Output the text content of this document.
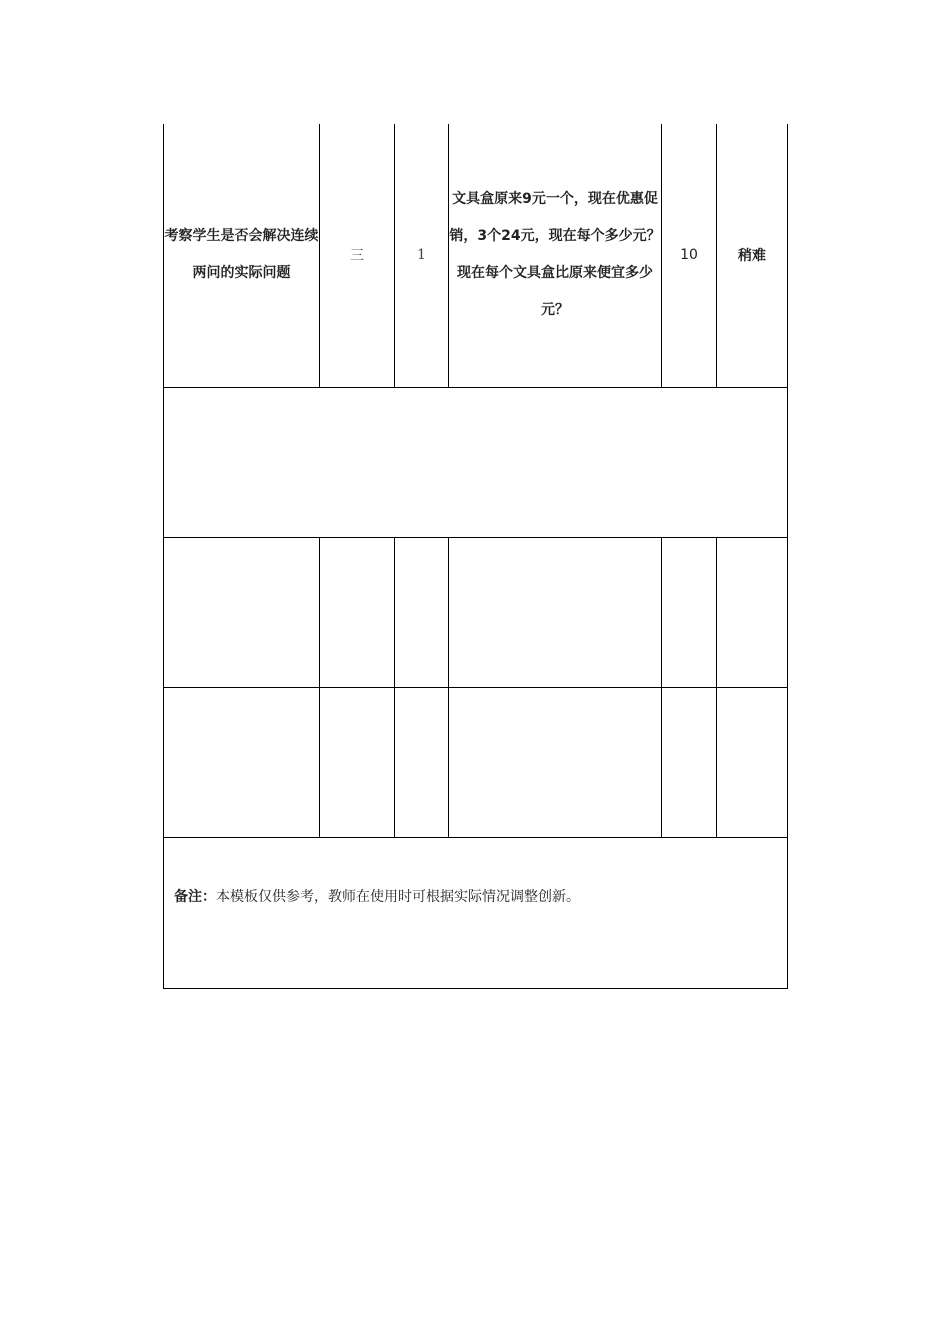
考察学生是否会解决连续两问的实际问题	三	1	文具盒原来9元一个，现在优惠促销，3个24元，现在每个多少元？现在每个文具盒比原来便宜多少元？	10	稍难

备注：本模板仅供参考，教师在使用时可根据实际情况调整创新。					
